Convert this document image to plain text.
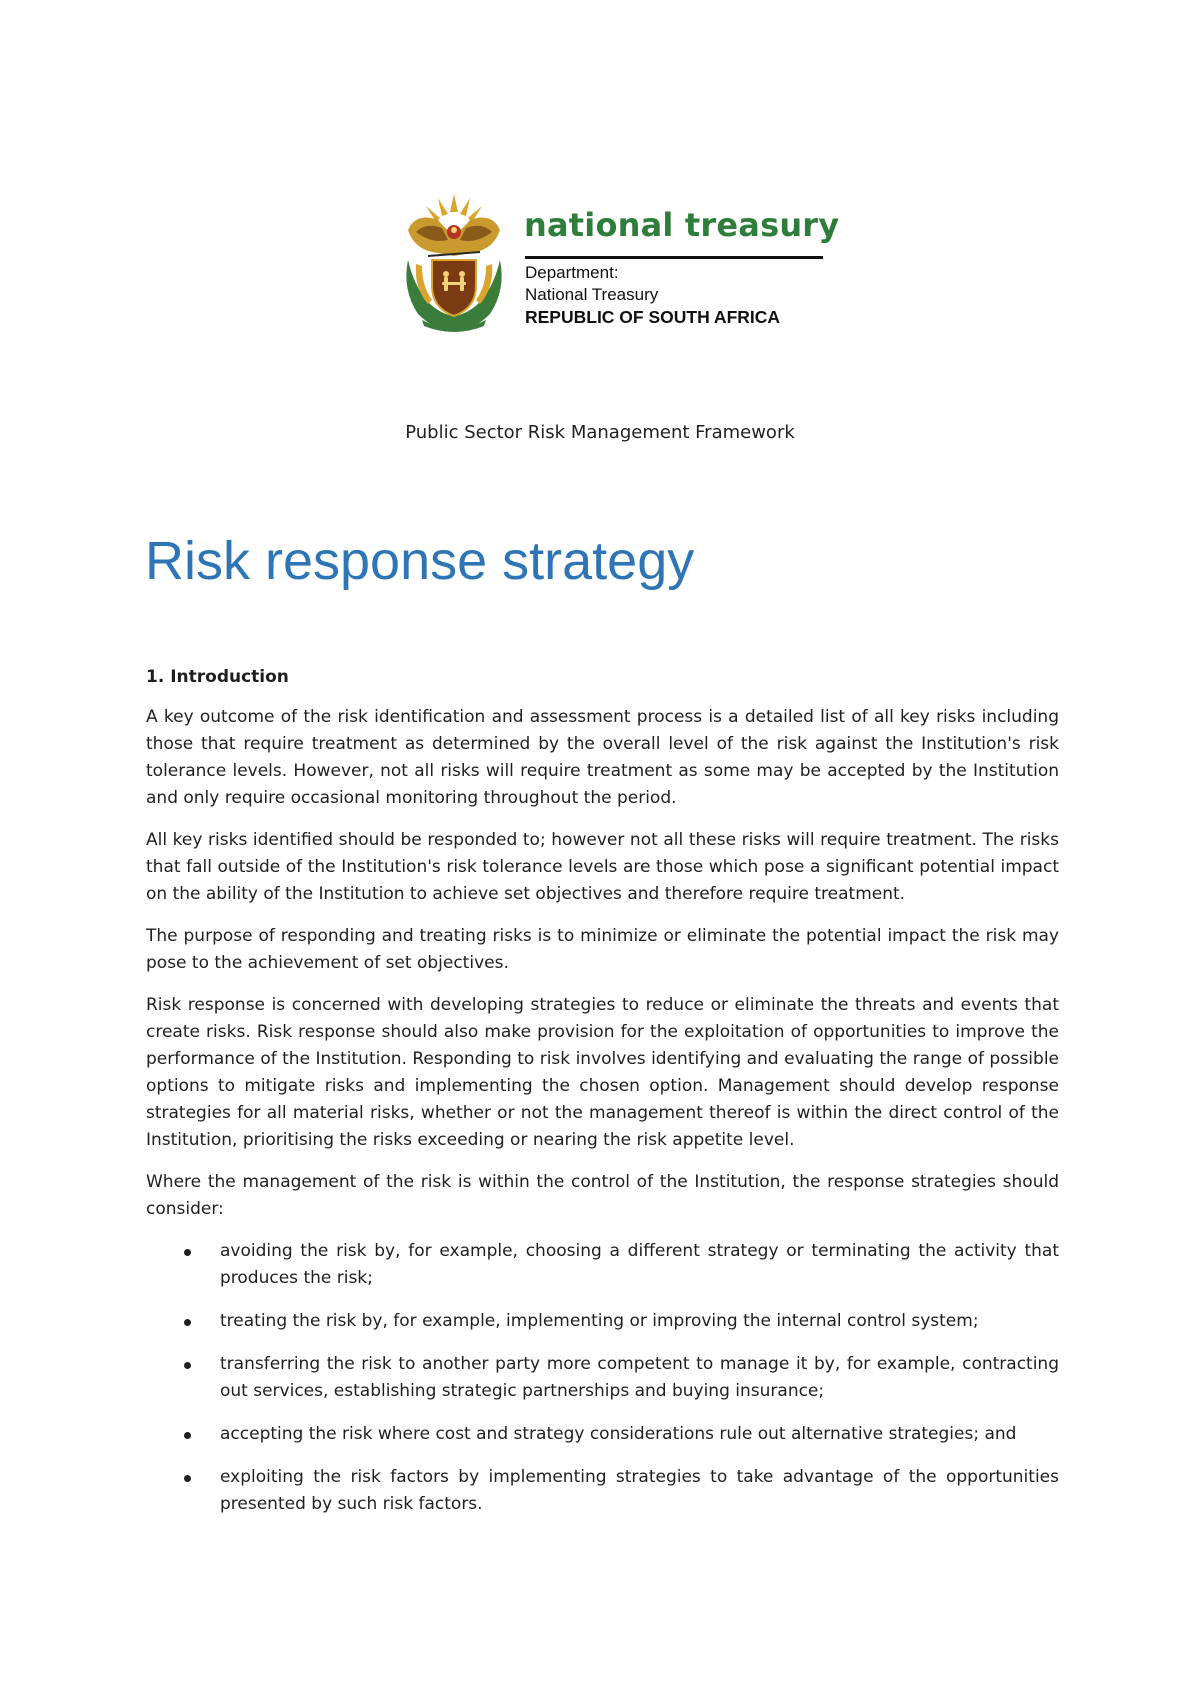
national treasury
Department:
National Treasury
REPUBLIC OF SOUTH AFRICA
Public Sector Risk Management Framework
Risk response strategy
1. Introduction

A key outcome of the risk identification and assessment process is a detailed list of all key risks including those that require treatment as determined by the overall level of the risk against the Institution's risk tolerance levels. However, not all risks will require treatment as some may be accepted by the Institution and only require occasional monitoring throughout the period.

All key risks identified should be responded to; however not all these risks will require treatment. The risks that fall outside of the Institution's risk tolerance levels are those which pose a significant potential impact on the ability of the Institution to achieve set objectives and therefore require treatment.

The purpose of responding and treating risks is to minimize or eliminate the potential impact the risk may pose to the achievement of set objectives.

Risk response is concerned with developing strategies to reduce or eliminate the threats and events that create risks. Risk response should also make provision for the exploitation of opportunities to improve the performance of the Institution. Responding to risk involves identifying and evaluating the range of possible options to mitigate risks and implementing the chosen option. Management should develop response strategies for all material risks, whether or not the management thereof is within the direct control of the Institution, prioritising the risks exceeding or nearing the risk appetite level.

Where the management of the risk is within the control of the Institution, the response strategies should consider:

avoiding the risk by, for example, choosing a different strategy or terminating the activity that produces the risk;
treating the risk by, for example, implementing or improving the internal control system;
transferring the risk to another party more competent to manage it by, for example, contracting out services, establishing strategic partnerships and buying insurance;
accepting the risk where cost and strategy considerations rule out alternative strategies; and
exploiting the risk factors by implementing strategies to take advantage of the opportunities presented by such risk factors.
